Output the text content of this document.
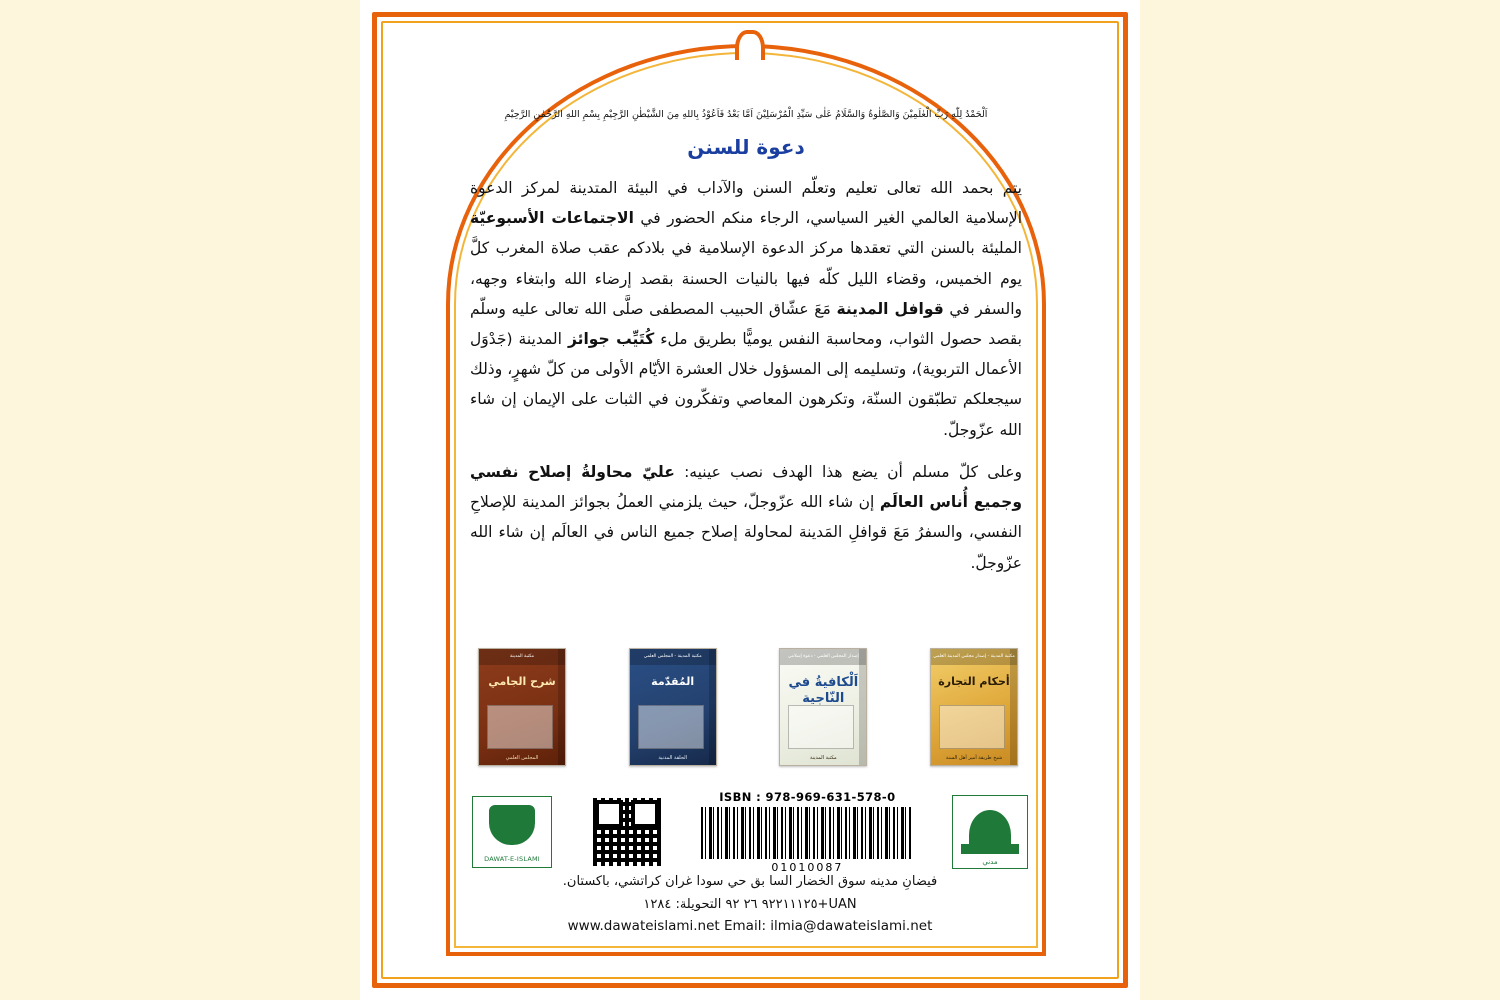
اَلْحَمْدُ لِلّٰهِ رَبِّ الْعٰلَمِيْنَ وَالصَّلٰوةُ وَالسَّلَامُ عَلٰى سَيِّدِ الْمُرْسَلِيْنَ اَمَّا بَعْدُ فَاَعُوْذُ بِاللهِ مِنَ الشَّيْطٰنِ الرَّجِيْمِ بِسْمِ اللهِ الرَّحْمٰنِ الرَّحِيْمِ
دعوة للسنن

يتم بحمد الله تعالى تعليم وتعلّم السنن والآداب في البيئة المتدينة لمركز الدعوة الإسلامية العالمي الغير السياسي، الرجاء منكم الحضور في الاجتماعات الأسبوعيّة المليئة بالسنن التي تعقدها مركز الدعوة الإسلامية في بلادكم عقب صلاة المغرب كلَّ يوم الخميس، وقضاء الليل كلّه فيها بالنيات الحسنة بقصد إرضاء الله وابتغاء وجهه، والسفر في قوافل المدينة مَعَ عشّاق الحبيب المصطفى صلَّى الله تعالى عليه وسلّم بقصد حصول الثواب، ومحاسبة النفس يوميًّا بطريق ملء كُتَيِّب جوائز المدينة (جَدْوَل الأعمال التربوية)، وتسليمه إلى المسؤول خلال العشرة الأيّام الأولى من كلّ شهرٍ، وذلك سيجعلكم تطبّقون السنّة، وتكرهون المعاصي وتفكّرون في الثبات على الإيمان إن شاء الله عزّوجلّ.

وعلى كلّ مسلم أن يضع هذا الهدف نصب عينيه: عليّ محاولةُ إصلاح نفسي وجميع أُناس العالَم إن شاء الله عزّوجلّ، حيث يلزمني العملُ بجوائز المدينة للإصلاحِ النفسي، والسفرُ مَعَ قوافلِ المَدينة لمحاولة إصلاح جميع الناس في العالَم إن شاء الله عزّوجلّ.

مكتبة المدينة - إصدار مجلس المدينة العلمي
أحكام التجارة
شيخ طريقة أمير أهل السنة
إصدار المجلس العلمي - دعوة إسلامي
اَلْكافيةُ في النّاجية
مكتبة المدينة
مكتبة المدينة - المجلس العلمي
المُقدّمة
الحلقة المدنية
مكتبة المدينة
شرح الجامي
المجلس العلمي
مدني
ISBN : 978-969-631-578-0
01010087
DAWAT-E-ISLAMI
فيضانِ مدينه سوق الخضار السا بق حي سودا غران كراتشي، باكستان.
UAN‎+٩٢٢١١١٢٥ ٢٦ ٩٢ التحويلة: ١٢٨٤
www.dawateislami.net Email: ilmia@dawateislami.net
